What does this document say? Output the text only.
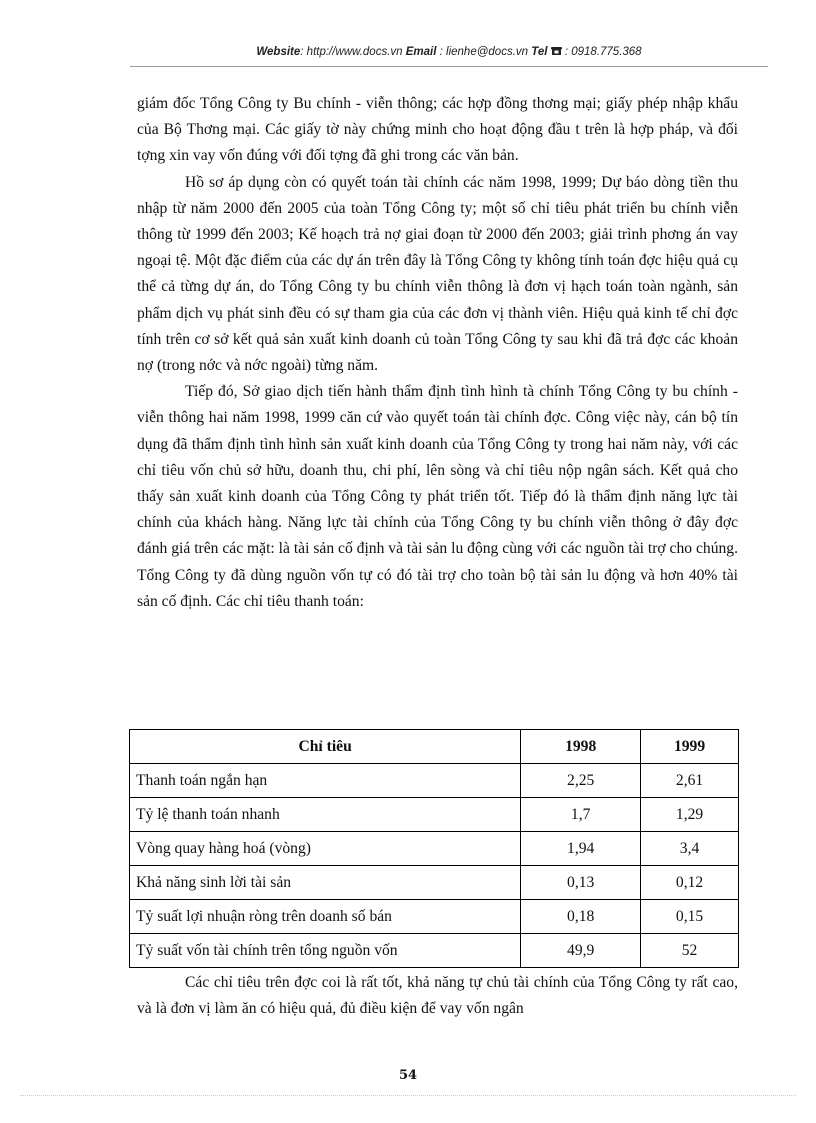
Website: http://www.docs.vn Email : lienhe@docs.vn Tel : 0918.775.368

giám đốc Tổng Công ty Bu chính - viễn thông; các hợp đồng thơng mại; giấy phép nhập khẩu của Bộ Thơng mại. Các giấy tờ này chứng minh cho hoạt động đầu t trên là hợp pháp, và đối tợng xin vay vốn đúng với đối tợng đã ghi trong các văn bản.

Hồ sơ áp dụng còn có quyết toán tài chính các năm 1998, 1999; Dự báo dòng tiền thu nhập từ năm 2000 đến 2005 của toàn Tổng Công ty; một số chỉ tiêu phát triển bu chính viễn thông từ 1999 đến 2003; Kế hoạch trả nợ giai đoạn từ 2000 đến 2003; giải trình phơng án vay ngoại tệ. Một đặc điểm của các dự án trên đây là Tổng Công ty không tính toán đợc hiệu quả cụ thể cả từng dự án, do Tổng Công ty bu chính viễn thông là đơn vị hạch toán toàn ngành, sản phẩm dịch vụ phát sinh đều có sự tham gia của các đơn vị thành viên. Hiệu quả kinh tế chỉ đợc tính trên cơ sở kết quả sản xuất kinh doanh củ toàn Tổng Công ty sau khi đã trả đợc các khoản nợ (trong nớc và nớc ngoài) từng năm.

Tiếp đó, Sở giao dịch tiến hành thẩm định tình hình tà chính Tổng Công ty bu chính - viễn thông hai năm 1998, 1999 căn cứ vào quyết toán tài chính đợc. Công việc này, cán bộ tín dụng đã thẩm định tình hình sản xuất kinh doanh của Tổng Công ty trong hai năm này, với các chỉ tiêu vốn chủ sở hữu, doanh thu, chi phí, lên sòng và chỉ tiêu nộp ngân sách. Kết quả cho thấy sản xuất kinh doanh của Tổng Công ty phát triển tốt. Tiếp đó là thẩm định năng lực tài chính của khách hàng. Năng lực tài chính của Tổng Công ty bu chính viễn thông ở đây đợc đánh giá trên các mặt: là tài sản cố định và tài sản lu động cùng với các nguồn tài trợ cho chúng. Tổng Công ty đã dùng nguồn vốn tự có đó tài trợ cho toàn bộ tài sản lu động và hơn 40% tài sản cố định. Các chỉ tiêu thanh toán:

Chỉ tiêu	1998	1999
Thanh toán ngắn hạn	2,25	2,61
Tỷ lệ thanh toán nhanh	1,7	1,29
Vòng quay hàng hoá (vòng)	1,94	3,4
Khả năng sinh lời tài sản	0,13	0,12
Tỷ suất lợi nhuận ròng trên doanh số bán	0,18	0,15
Tỷ suất vốn tài chính trên tổng nguồn vốn	49,9	52

Các chỉ tiêu trên đợc coi là rất tốt, khả năng tự chủ tài chính của Tổng Công ty rất cao, và là đơn vị làm ăn có hiệu quả, đủ điều kiện để vay vốn ngân

54
